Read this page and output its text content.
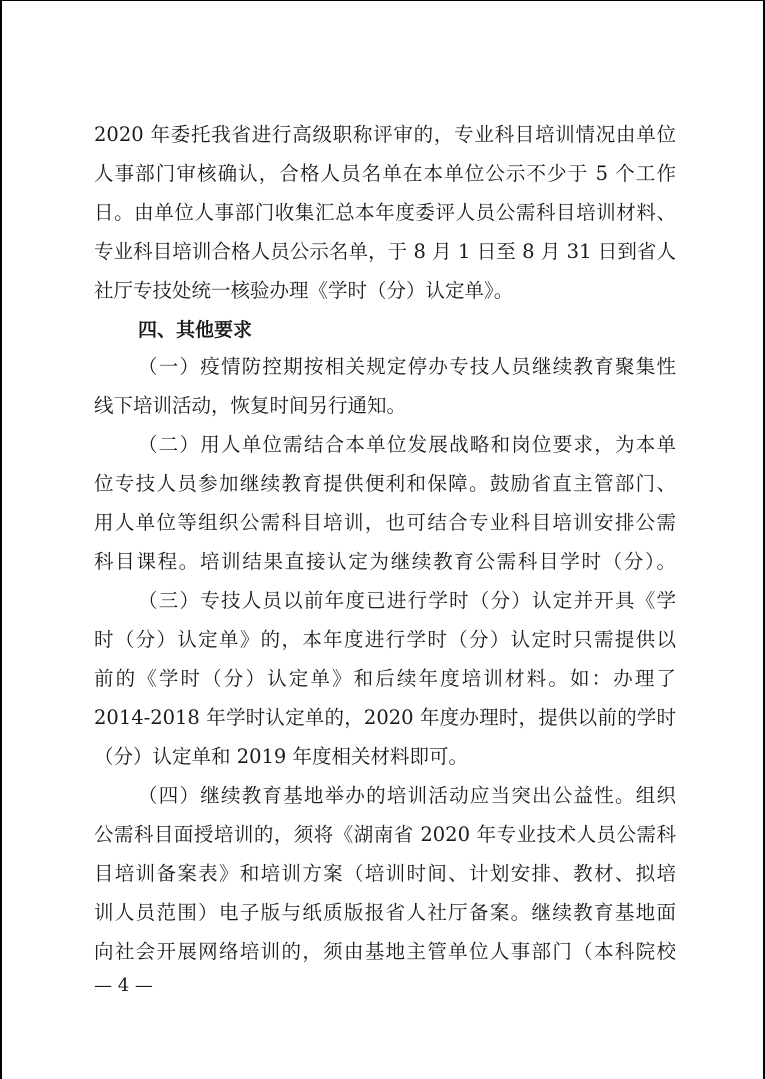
2020 年委托我省进行高级职称评审的，专业科目培训情况由单位
人事部门审核确认，合格人员名单在本单位公示不少于 5 个工作
日。由单位人事部门收集汇总本年度委评人员公需科目培训材料、
专业科目培训合格人员公示名单，于 8 月 1 日至 8 月 31 日到省人
社厅专技处统一核验办理《学时（分）认定单》。
四、其他要求
（一）疫情防控期按相关规定停办专技人员继续教育聚集性
线下培训活动，恢复时间另行通知。
（二）用人单位需结合本单位发展战略和岗位要求，为本单
位专技人员参加继续教育提供便利和保障。鼓励省直主管部门、
用人单位等组织公需科目培训，也可结合专业科目培训安排公需
科目课程。培训结果直接认定为继续教育公需科目学时（分）。
（三）专技人员以前年度已进行学时（分）认定并开具《学
时（分）认定单》的，本年度进行学时（分）认定时只需提供以
前的《学时（分）认定单》和后续年度培训材料。如：办理了
2014-2018 年学时认定单的，2020 年度办理时，提供以前的学时
（分）认定单和 2019 年度相关材料即可。
（四）继续教育基地举办的培训活动应当突出公益性。组织
公需科目面授培训的，须将《湖南省 2020 年专业技术人员公需科
目培训备案表》和培训方案（培训时间、计划安排、教材、拟培
训人员范围）电子版与纸质版报省人社厅备案。继续教育基地面
向社会开展网络培训的，须由基地主管单位人事部门（本科院校
— 4 —
